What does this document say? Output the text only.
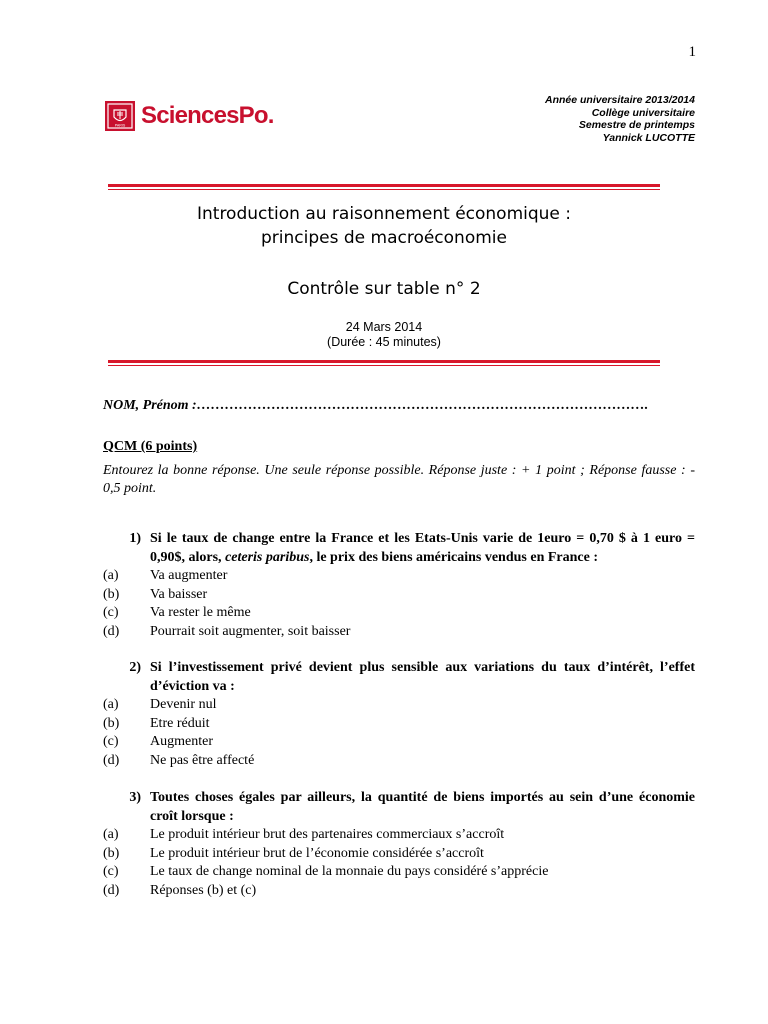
1
PARIS SciencesPo.
Année universitaire 2013/2014
Collège universitaire
Semestre de printemps
Yannick LUCOTTE
Introduction au raisonnement économique :
principes de macroéconomie
Contrôle sur table n° 2
24 Mars 2014
(Durée : 45 minutes)
NOM, Prénom :…………………………………………………………………………………….
QCM (6 points)
Entourez la bonne réponse. Une seule réponse possible. Réponse juste : + 1 point ; Réponse fausse : - 0,5 point.
1) Si le taux de change entre la France et les Etats-Unis varie de 1euro = 0,70 $ à 1 euro = 0,90$, alors, ceteris paribus, le prix des biens américains vendus en France :
(a)	Va augmenter
(b)	Va baisser
(c)	Va rester le même
(d)	Pourrait soit augmenter, soit baisser
2) Si l’investissement privé devient plus sensible aux variations du taux d’intérêt, l’effet d’éviction va :
(a)	Devenir nul
(b)	Etre réduit
(c)	Augmenter
(d)	Ne pas être affecté
3) Toutes choses égales par ailleurs, la quantité de biens importés au sein d’une économie croît lorsque :
(a)	Le produit intérieur brut des partenaires commerciaux s’accroît
(b)	Le produit intérieur brut de l’économie considérée s’accroît
(c)	Le taux de change nominal de la monnaie du pays considéré s’apprécie
(d)	Réponses (b) et (c)
